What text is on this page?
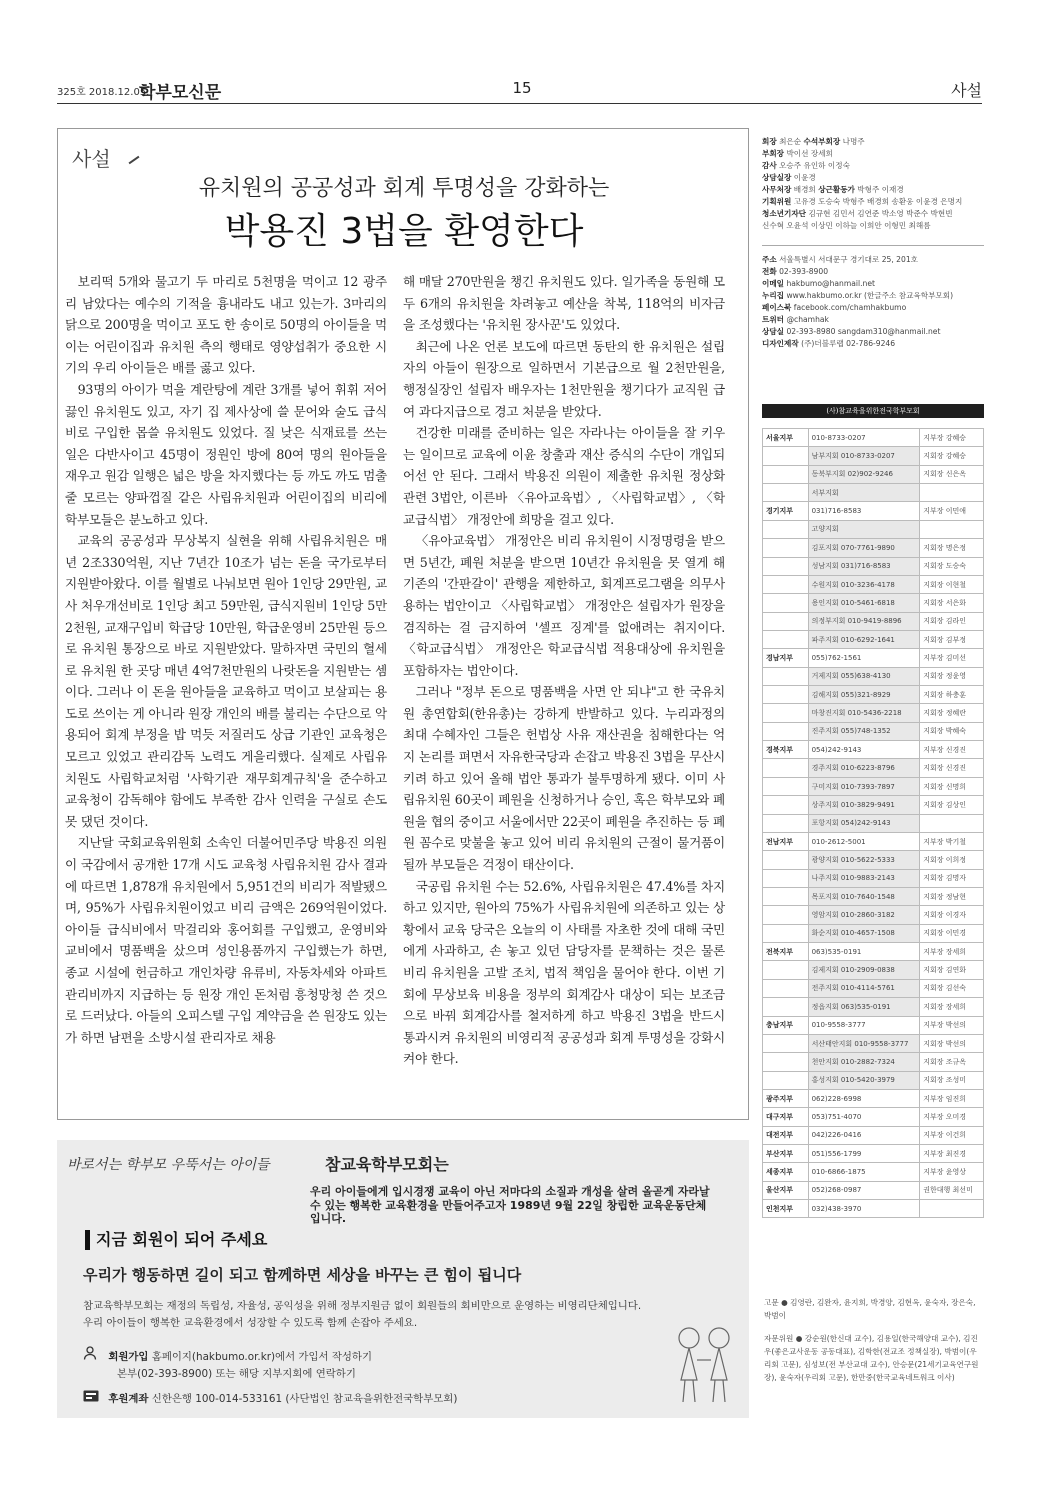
325호 2018.12.05.
학부모신문	15	사설
사설
유치원의 공공성과 회계 투명성을 강화하는
박용진 3법을 환영한다

보리떡 5개와 물고기 두 마리로 5천명을 먹이고 12 광주리 남았다는 예수의 기적을 흉내라도 내고 있는가. 3마리의 닭으로 200명을 먹이고 포도 한 송이로 50명의 아이들을 먹이는 어린이집과 유치원 측의 행태로 영양섭취가 중요한 시기의 우리 아이들은 배를 곯고 있다.

93명의 아이가 먹을 계란탕에 계란 3개를 넣어 휘휘 저어 끓인 유치원도 있고, 자기 집 제사상에 쓸 문어와 술도 급식비로 구입한 몹쓸 유치원도 있었다. 질 낮은 식재료를 쓰는 일은 다반사이고 45명이 정원인 방에 80여 명의 원아들을 재우고 원감 일행은 넓은 방을 차지했다는 등 까도 까도 멈출 줄 모르는 양파껍질 같은 사립유치원과 어린이집의 비리에 학부모들은 분노하고 있다.

교육의 공공성과 무상복지 실현을 위해 사립유치원은 매년 2조330억원, 지난 7년간 10조가 넘는 돈을 국가로부터 지원받아왔다. 이를 월별로 나눠보면 원아 1인당 29만원, 교사 처우개선비로 1인당 최고 59만원, 급식지원비 1인당 5만2천원, 교재구입비 학급당 10만원, 학급운영비 25만원 등으로 유치원 통장으로 바로 지원받았다. 말하자면 국민의 혈세로 유치원 한 곳당 매년 4억7천만원의 나랏돈을 지원받는 셈이다. 그러나 이 돈을 원아들을 교육하고 먹이고 보살피는 용도로 쓰이는 게 아니라 원장 개인의 배를 불리는 수단으로 악용되어 회계 부정을 밥 먹듯 저질러도 상급 기관인 교육청은 모르고 있었고 관리감독 노력도 게을리했다. 실제로 사립유치원도 사립학교처럼 '사학기관 재무회계규칙'을 준수하고 교육청이 감독해야 함에도 부족한 감사 인력을 구실로 손도 못 댔던 것이다.

지난달 국회교육위원회 소속인 더불어민주당 박용진 의원이 국감에서 공개한 17개 시도 교육청 사립유치원 감사 결과에 따르면 1,878개 유치원에서 5,951건의 비리가 적발됐으며, 95%가 사립유치원이었고 비리 금액은 269억원이었다. 아이들 급식비에서 막걸리와 홍어회를 구입했고, 운영비와 교비에서 명품백을 샀으며 성인용품까지 구입했는가 하면, 종교 시설에 헌금하고 개인차량 유류비, 자동차세와 아파트 관리비까지 지급하는 등 원장 개인 돈처럼 흥청망청 쓴 것으로 드러났다. 아들의 오피스텔 구입 계약금을 쓴 원장도 있는가 하면 남편을 소방시설 관리자로 채용

해 매달 270만원을 챙긴 유치원도 있다. 일가족을 동원해 모두 6개의 유치원을 차려놓고 예산을 착복, 118억의 비자금을 조성했다는 '유치원 장사꾼'도 있었다.

최근에 나온 언론 보도에 따르면 동탄의 한 유치원은 설립자의 아들이 원장으로 일하면서 기본급으로 월 2천만원을, 행정실장인 설립자 배우자는 1천만원을 챙기다가 교직원 급여 과다지급으로 경고 처분을 받았다.

건강한 미래를 준비하는 일은 자라나는 아이들을 잘 키우는 일이므로 교육에 이윤 창출과 재산 증식의 수단이 개입되어선 안 된다. 그래서 박용진 의원이 제출한 유치원 정상화 관련 3법안, 이른바 〈유아교육법〉, 〈사립학교법〉, 〈학교급식법〉 개정안에 희망을 걸고 있다.

〈유아교육법〉 개정안은 비리 유치원이 시정명령을 받으면 5년간, 폐원 처분을 받으면 10년간 유치원을 못 열게 해 기존의 '간판갈이' 관행을 제한하고, 회계프로그램을 의무사용하는 법안이고 〈사립학교법〉 개정안은 설립자가 원장을 겸직하는 걸 금지하여 '셀프 징계'를 없애려는 취지이다. 〈학교급식법〉 개정안은 학교급식법 적용대상에 유치원을 포함하자는 법안이다.

그러나 "정부 돈으로 명품백을 사면 안 되냐"고 한 국유치원 총연합회(한유총)는 강하게 반발하고 있다. 누리과정의 최대 수혜자인 그들은 헌법상 사유 재산권을 침해한다는 억지 논리를 펴면서 자유한국당과 손잡고 박용진 3법을 무산시키려 하고 있어 올해 법안 통과가 불투명하게 됐다. 이미 사립유치원 60곳이 폐원을 신청하거나 승인, 혹은 학부모와 폐원을 협의 중이고 서울에서만 22곳이 폐원을 추진하는 등 폐원 꼼수로 맞불을 놓고 있어 비리 유치원의 근절이 물거품이 될까 부모들은 걱정이 태산이다.

국공립 유치원 수는 52.6%, 사립유치원은 47.4%를 차지하고 있지만, 원아의 75%가 사립유치원에 의존하고 있는 상황에서 교육 당국은 오늘의 이 사태를 자초한 것에 대해 국민에게 사과하고, 손 놓고 있던 담당자를 문책하는 것은 물론 비리 유치원을 고발 조치, 법적 책임을 물어야 한다. 이번 기회에 무상보육 비용을 정부의 회계감사 대상이 되는 보조금으로 바꿔 회계감사를 철저하게 하고 박용진 3법을 반드시 통과시켜 유치원의 비영리적 공공성과 회계 투명성을 강화시켜야 한다.

회장 최은순 수석부회장 나명주
부회장 박이선 장세희
감사 오승주 유인하 이정숙
상담실장 이윤경
사무처장 배경희 상근활동가 박형주 이재경
기획위원 고유경 도승숙 박형주 배경희 송환웅 이윤경 은명지
청소년기자단 김규현 김민서 김연준 박소영 박준수 박현빈
신수혁 오윤석 이상민 이하늘 이희안 이형민 최해름
주소 서울특별시 서대문구 경기대로 25, 201호
전화 02-393-8900
이메일 hakbumo@hanmail.net
누리집 www.hakbumo.or.kr (한글주소 참교육학부모회)
페이스북 facebook.com/chamhakbumo
트위터 @chamhak
상담실 02-393-8980 sangdam310@hanmail.net
디자인제작 (주)더블루랩 02-786-9246
(사)참교육을위한전국학부모회
서울지부	010-8733-0207	지부장 강혜승
	남부지회 010-8733-0207	지회장 강혜승
	동북부지회 02)902-9246	지회장 신은옥
	서부지회	
경기지부	031)716-8583	지부장 이민애
	고양지회	
	김포지회 070-7761-9890	지회장 명은정
	성남지회 031)716-8583	지회장 도승숙
	수원지회 010-3236-4178	지회장 이현철
	용인지회 010-5461-6818	지회장 서은화
	의정부지회 010-9419-8896	지회장 김라인
	파주지회 010-6292-1641	지회장 김부정
경남지부	055)762-1561	지부장 김미선
	거제지회 055)638-4130	지회장 정윤영
	김해지회 055)321-8929	지회장 하충훈
	마창진지회 010-5436-2218	지회장 정혜란
	진주지회 055)748-1352	지회장 박혜숙
경북지부	054)242-9143	지부장 신경진
	경주지회 010-6223-8796	지회장 신경진
	구미지회 010-7393-7897	지회장 신명희
	상주지회 010-3829-9491	지회장 김상인
	포항지회 054)242-9143	
전남지부	010-2612-5001	지부장 박기철
	광양지회 010-5622-5333	지회장 이희정
	나주지회 010-9883-2143	지회장 김명자
	목포지회 010-7640-1548	지회장 정남현
	영암지회 010-2860-3182	지회장 이경자
	화순지회 010-4657-1508	지회장 이민경
전북지부	063)535-0191	지부장 장세희
	김제지회 010-2909-0838	지회장 김연화
	전주지회 010-4114-5761	지회장 김선숙
	정읍지회 063)535-0191	지회장 장세희
충남지부	010-9558-3777	지부장 박선의
	서산태안지회 010-9558-3777	지회장 박선의
	천안지회 010-2882-7324	지회장 조규옥
	홍성지회 010-5420-3979	지회장 조성미
광주지부	062)228-6998	지부장 임진희
대구지부	053)751-4070	지부장 오미경
대전지부	042)226-0416	지부장 이건희
부산지부	051)556-1799	지부장 최진경
세종지부	010-6866-1875	지부장 윤영상
울산지부	052)268-0987	권한대행 최선미
인천지부	032)438-3970	
고문 ● 김영란, 김완자, 윤지희, 박경양, 김현옥, 윤숙자, 장은숙, 박범이
자문위원 ● 강순원(한신대 교수), 김용일(한국해양대 교수), 김진우(좋은교사운동 공동대표), 김학한(전교조 정책실장), 박범이(우리회 고문), 심성보(전 부산교대 교수), 안승문(21세기교육연구원장), 윤숙자(우리회 고문), 한만중(한국교육네트워크 이사)
바로서는 학부모 우뚝서는 아이들	참교육학부모회는
우리 아이들에게 입시경쟁 교육이 아닌 저마다의 소질과 개성을 살려 올곧게 자라날 수 있는 행복한 교육환경을 만들어주고자 1989년 9월 22일 창립한 교육운동단체입니다.
지금 회원이 되어 주세요
우리가 행동하면 길이 되고 함께하면 세상을 바꾸는 큰 힘이 됩니다
참교육학부모회는 재정의 독립성, 자율성, 공익성을 위해 정부지원금 없이 회원들의 회비만으로 운영하는 비영리단체입니다.
우리 아이들이 행복한 교육환경에서 성장할 수 있도록 함께 손잡아 주세요.
회원가입 홈페이지(hakbumo.or.kr)에서 가입서 작성하기
본부(02-393-8900) 또는 해당 지부지회에 연락하기
후원계좌 신한은행 100-014-533161 (사단법인 참교육을위한전국학부모회)
